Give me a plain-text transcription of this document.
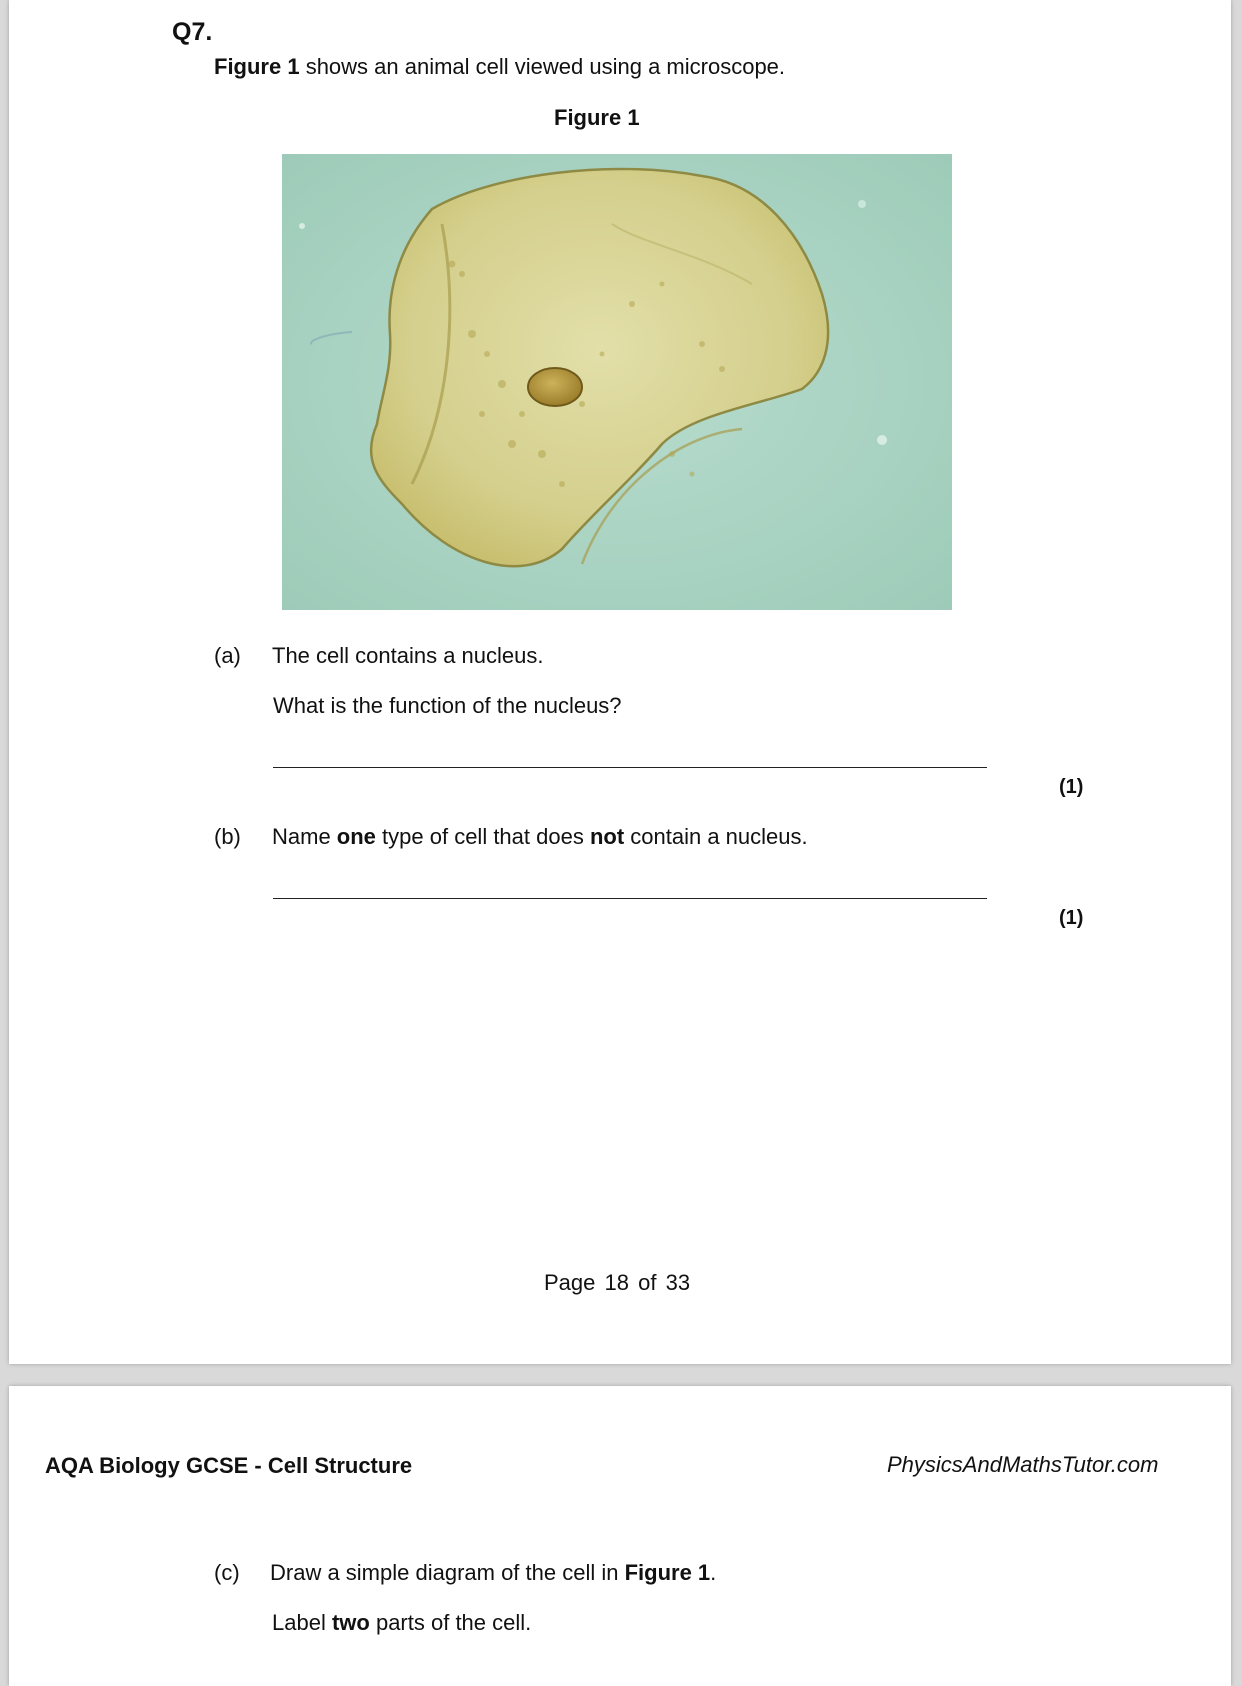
Q7.
Figure 1 shows an animal cell viewed using a microscope.
Figure 1
(a) The cell contains a nucleus.
What is the function of the nucleus?
(1)
(b) Name one type of cell that does not contain a nucleus.
(1)
Page 18 of 33
AQA Biology GCSE - Cell Structure	PhysicsAndMathsTutor.com
(c) Draw a simple diagram of the cell in Figure 1.
Label two parts of the cell.
